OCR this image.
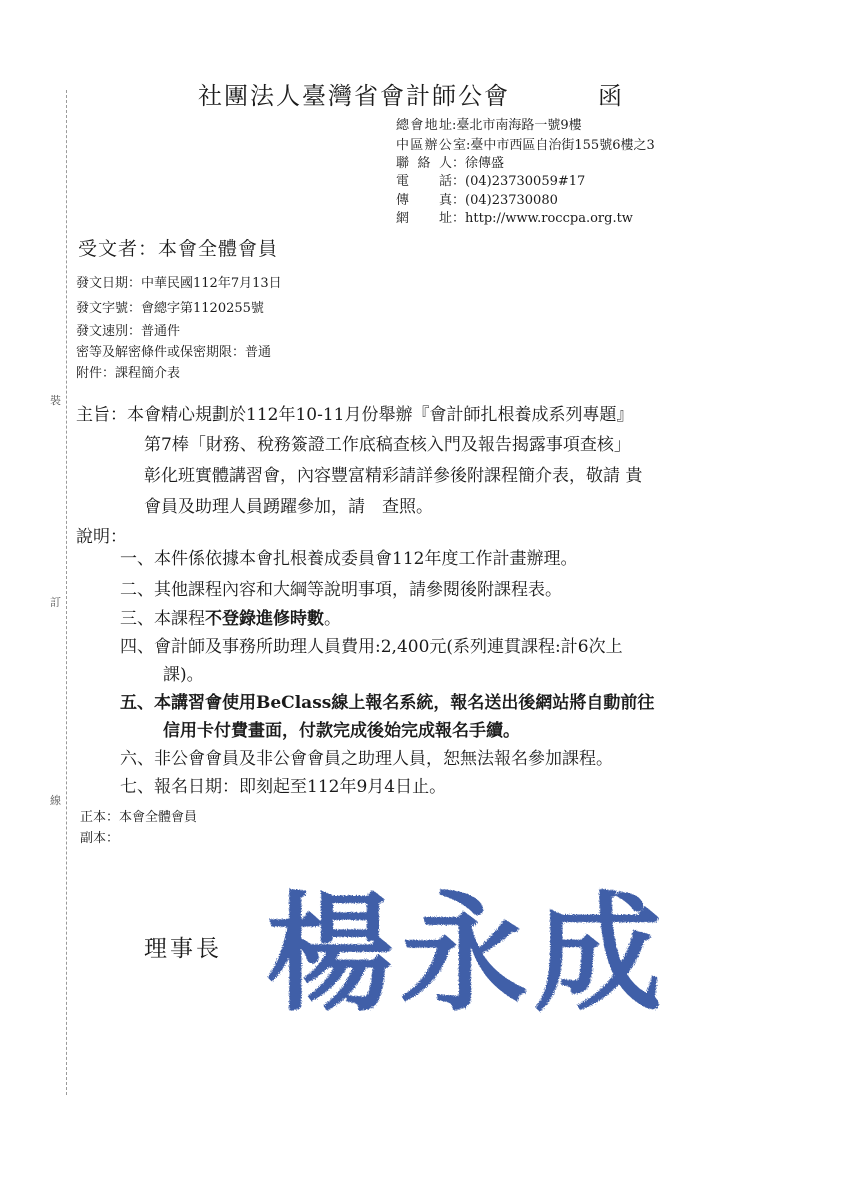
裝
訂
線
社團法人臺灣省會計師公會	函
總會地址:臺北市南海路一號9樓
中區辦公室:臺中市西區自治街155號6樓之3
聯絡人：徐傳盛
電話：(04)23730059#17
傳真：(04)23730080
網址：http://www.roccpa.org.tw
受文者：本會全體會員
發文日期：中華民國112年7月13日
發文字號：會總字第1120255號
發文速別：普通件
密等及解密條件或保密期限：普通
附件：課程簡介表
主旨：本會精心規劃於112年10-11月份舉辦『會計師扎根養成系列專題』
第7棒「財務、稅務簽證工作底稿查核入門及報告揭露事項查核」
彰化班實體講習會，內容豐富精彩請詳參後附課程簡介表，敬請 貴
會員及助理人員踴躍參加，請　查照。
說明：
一、本件係依據本會扎根養成委員會112年度工作計畫辦理。
二、其他課程內容和大綱等說明事項，請參閱後附課程表。
三、本課程不登錄進修時數。
四、會計師及事務所助理人員費用:2,400元(系列連貫課程:計6次上
課)。
五、本講習會使用BeClass線上報名系統，報名送出後網站將自動前往
信用卡付費畫面，付款完成後始完成報名手續。
六、非公會會員及非公會會員之助理人員，恕無法報名參加課程。
七、報名日期：即刻起至112年9月4日止。
正本：本會全體會員
副本：
理事長 楊永成
